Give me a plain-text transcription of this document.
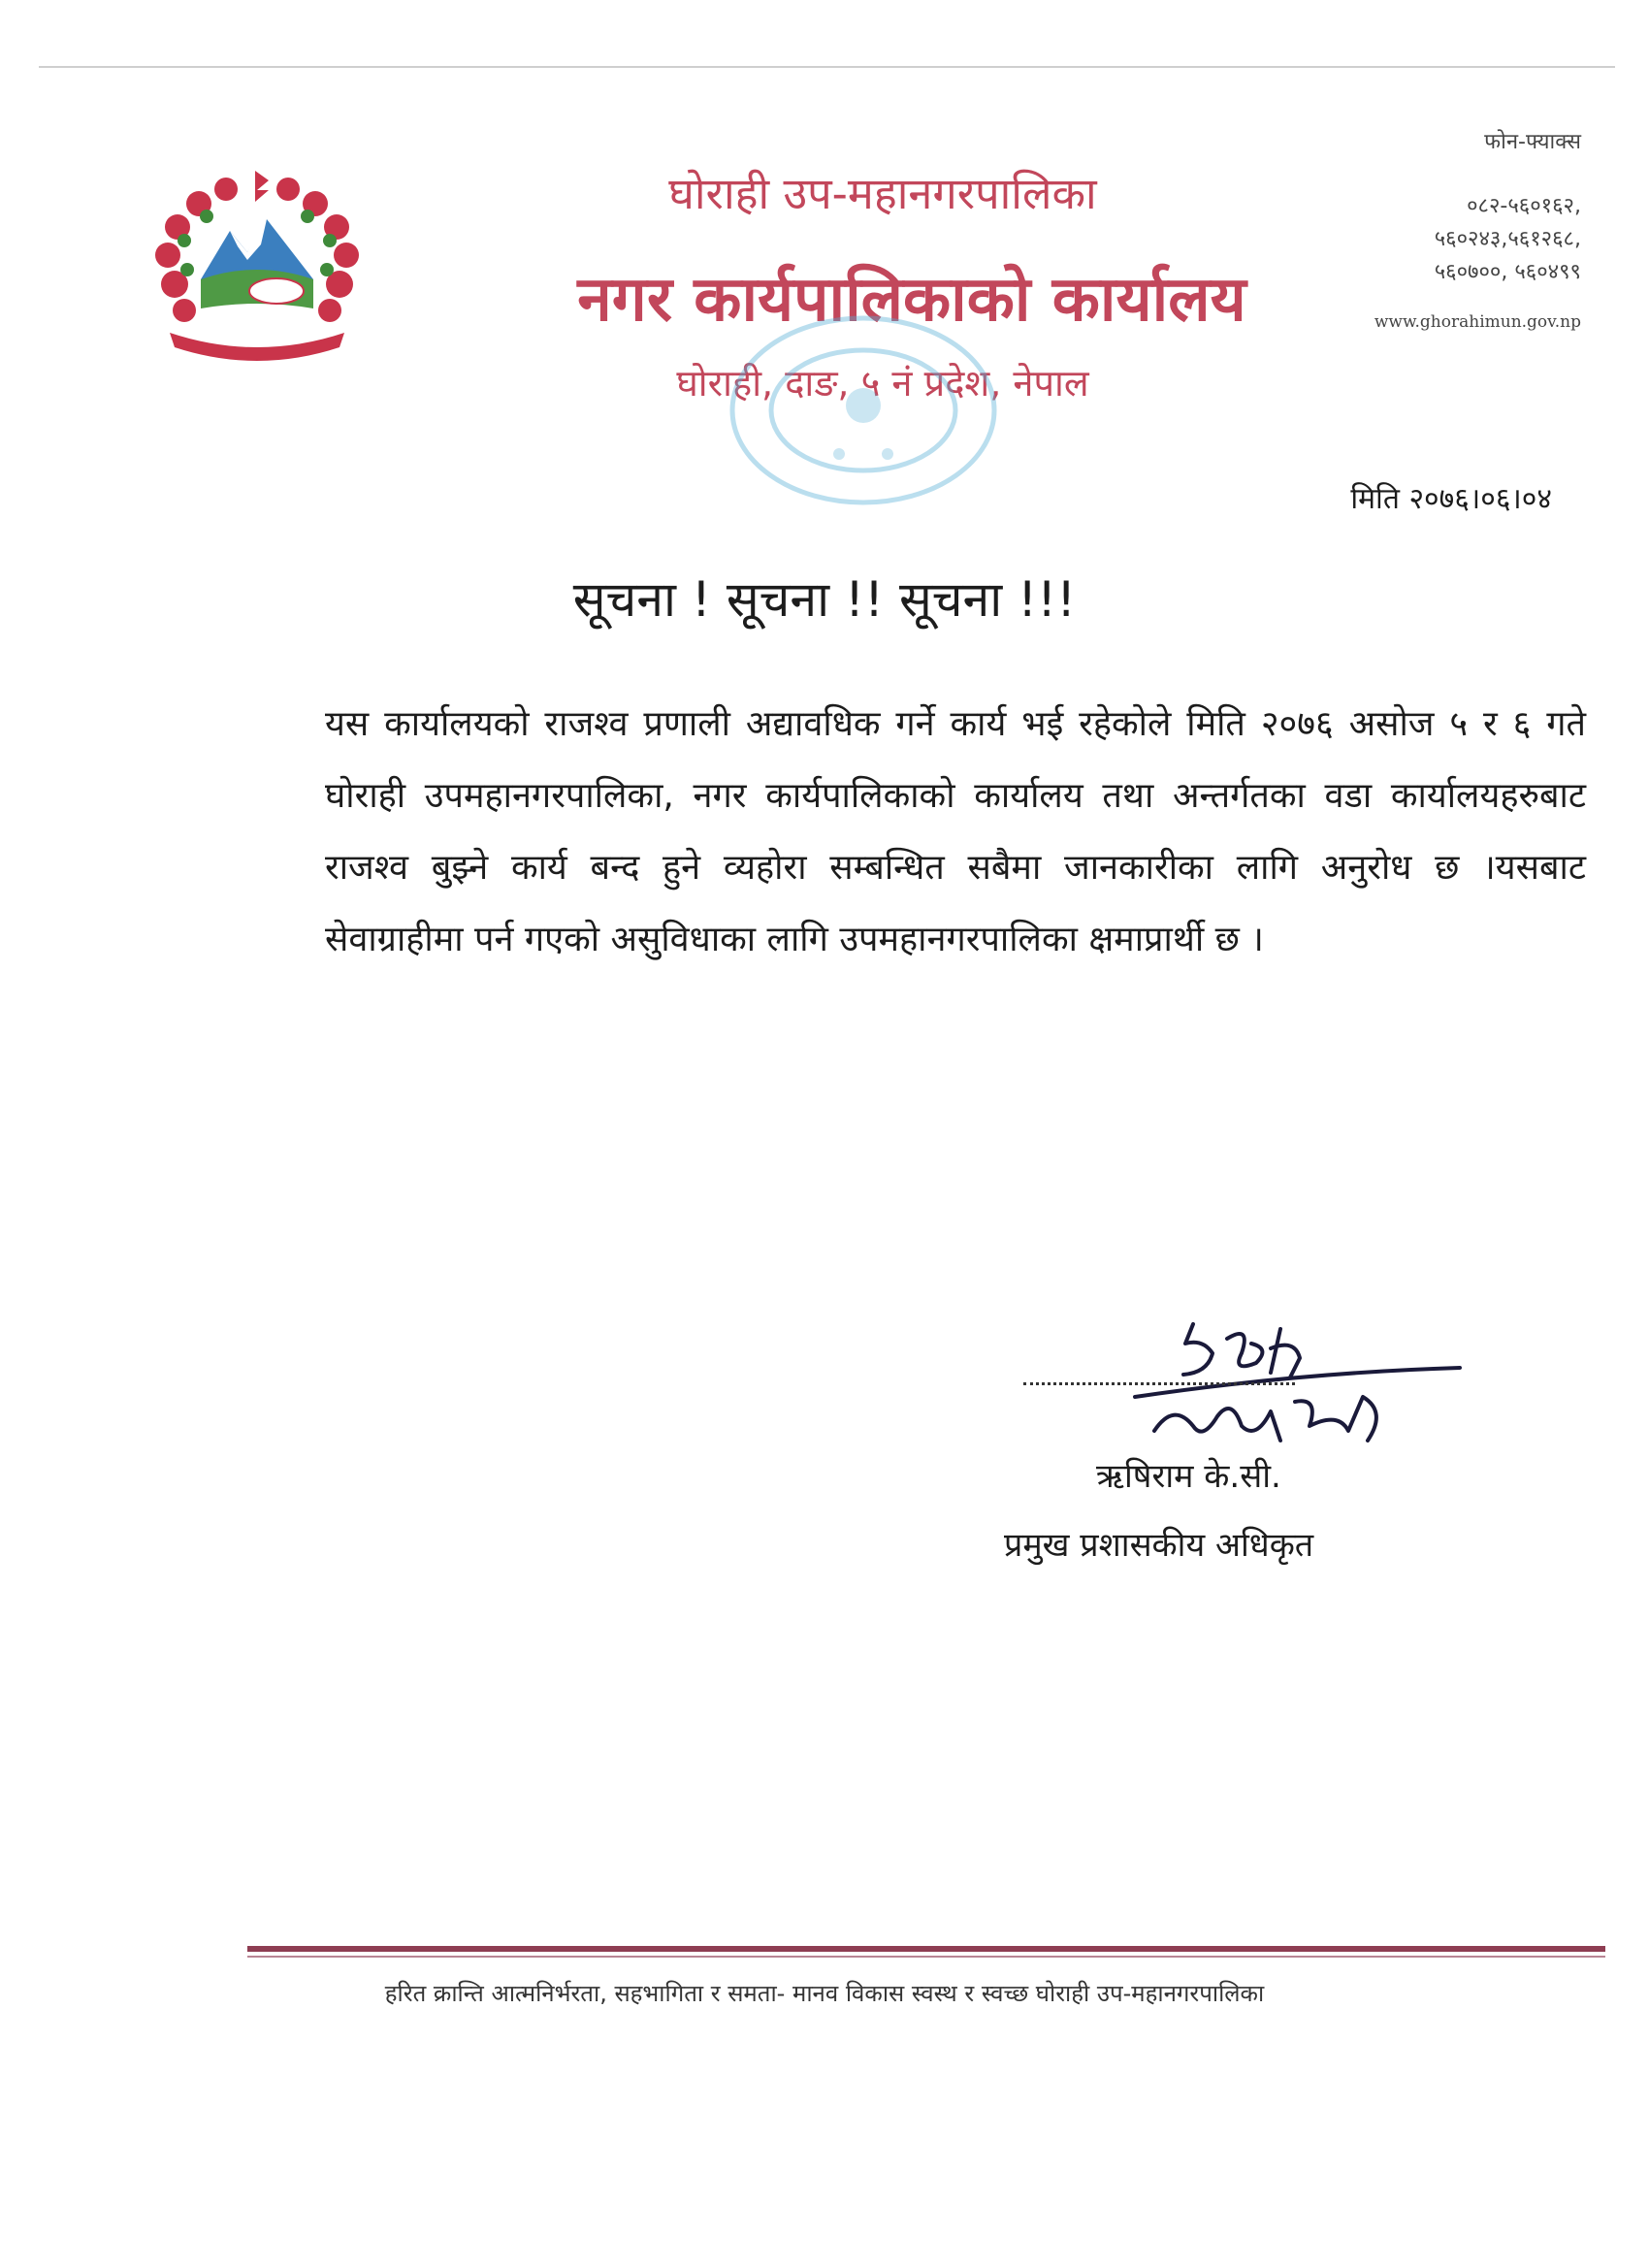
घोराही उप-महानगरपालिका
नगर कार्यपालिकाको कार्यालय
घोराही, दाङ, ५ नं प्रदेश, नेपाल
फोन-फ्याक्स
०८२-५६०१६२, ५६०२४३,५६१२६८, ५६०७००, ५६०४९९
www.ghorahimun.gov.np
मिति २०७६।०६।०४
सूचना ! सूचना !! सूचना !!!
यस कार्यालयको राजश्व प्रणाली अद्यावधिक गर्ने कार्य भई रहेकोले मिति २०७६ असोज ५ र ६ गते घोराही उपमहानगरपालिका, नगर कार्यपालिकाको कार्यालय तथा अन्तर्गतका वडा कार्यालयहरुबाट राजश्व बुझ्ने कार्य बन्द हुने व्यहोरा सम्बन्धित सबैमा जानकारीका लागि अनुरोध छ ।यसबाट सेवाग्राहीमा पर्न गएको असुविधाका लागि उपमहानगरपालिका क्षमाप्रार्थी छ ।
ऋषिराम के.सी.
प्रमुख प्रशासकीय अधिकृत
हरित क्रान्ति आत्मनिर्भरता, सहभागिता र समता- मानव विकास स्वस्थ र स्वच्छ घोराही उप-महानगरपालिका
